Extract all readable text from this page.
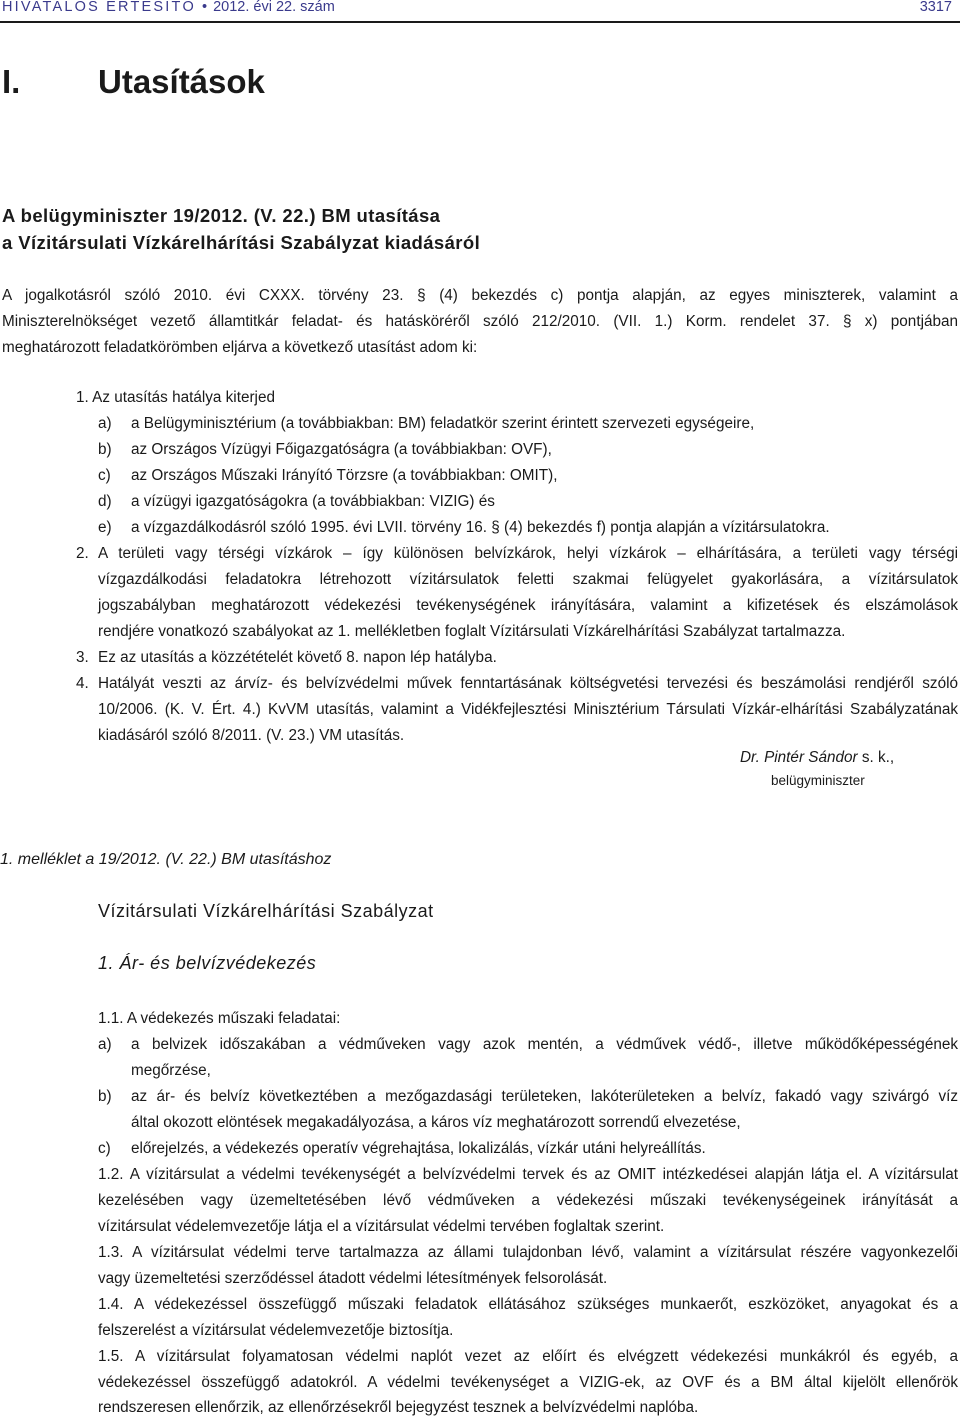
HIVATALOS ÉRTESÍTŐ • 2012. évi 22. szám	3317
I. Utasítások
A belügyminiszter 19/2012. (V. 22.) BM utasítása
a Vízitársulati Vízkárelhárítási Szabályzat kiadásáról
A jogalkotásról szóló 2010. évi CXXX. törvény 23. § (4) bekezdés c) pontja alapján, az egyes miniszterek, valamint a
Miniszterelnökséget vezető államtitkár feladat- és hatásköréről szóló 212/2010. (VII. 1.) Korm. rendelet 37. § x) pontjában
meghatározott feladatkörömben eljárva a következő utasítást adom ki:
1. Az utasítás hatálya kiterjed
a) a Belügyminisztérium (a továbbiakban: BM) feladatkör szerint érintett szervezeti egységeire,
b) az Országos Vízügyi Főigazgatóságra (a továbbiakban: OVF),
c) az Országos Műszaki Irányító Törzsre (a továbbiakban: OMIT),
d) a vízügyi igazgatóságokra (a továbbiakban: VIZIG) és
e) a vízgazdálkodásról szóló 1995. évi LVII. törvény 16. § (4) bekezdés f) pontja alapján a vízitársulatokra.
2. A területi vagy térségi vízkárok – így különösen belvízkárok, helyi vízkárok – elhárítására, a területi vagy térségi
vízgazdálkodási feladatokra létrehozott vízitársulatok feletti szakmai felügyelet gyakorlására, a vízitársulatok
jogszabályban meghatározott védekezési tevékenységének irányítására, valamint a kifizetések és elszámolások
rendjére vonatkozó szabályokat az 1. mellékletben foglalt Vízitársulati Vízkárelhárítási Szabályzat tartalmazza.
3. Ez az utasítás a közzétételét követő 8. napon lép hatályba.
4. Hatályát veszti az árvíz- és belvízvédelmi művek fenntartásának költségvetési tervezési és beszámolási rendjéről szóló
10/2006. (K. V. Ért. 4.) KvVM utasítás, valamint a Vidékfejlesztési Minisztérium Társulati Vízkár-elhárítási Szabályzatának
kiadásáról szóló 8/2011. (V. 23.) VM utasítás.
Dr. Pintér Sándor s. k.,
belügyminiszter
1. melléklet a 19/2012. (V. 22.) BM utasításhoz
Vízitársulati Vízkárelhárítási Szabályzat
1. Ár- és belvízvédekezés
1.1. A védekezés műszaki feladatai:
a) a belvizek időszakában a védműveken vagy azok mentén, a védművek védő-, illetve működőképességének
megőrzése,
b) az ár- és belvíz következtében a mezőgazdasági területeken, lakóterületeken a belvíz, fakadó vagy szivárgó víz
által okozott elöntések megakadályozása, a káros víz meghatározott sorrendű elvezetése,
c) előrejelzés, a védekezés operatív végrehajtása, lokalizálás, vízkár utáni helyreállítás.
1.2. A vízitársulat a védelmi tevékenységét a belvízvédelmi tervek és az OMIT intézkedései alapján látja el. A vízitársulat
kezelésében vagy üzemeltetésében lévő védműveken a védekezési műszaki tevékenységeinek irányítását a
vízitársulat védelemvezetője látja el a vízitársulat védelmi tervében foglaltak szerint.
1.3. A vízitársulat védelmi terve tartalmazza az állami tulajdonban lévő, valamint a vízitársulat részére vagyonkezelői
vagy üzemeltetési szerződéssel átadott védelmi létesítmények felsorolását.
1.4. A védekezéssel összefüggő műszaki feladatok ellátásához szükséges munkaerőt, eszközöket, anyagokat és a
felszerelést a vízitársulat védelemvezetője biztosítja.
1.5. A vízitársulat folyamatosan védelmi naplót vezet az előírt és elvégzett védekezési munkákról és egyéb, a
védekezéssel összefüggő adatokról. A védelmi tevékenységet a VIZIG-ek, az OVF és a BM által kijelölt ellenőrök
rendszeresen ellenőrzik, az ellenőrzésekről bejegyzést tesznek a belvízvédelmi naplóba.
